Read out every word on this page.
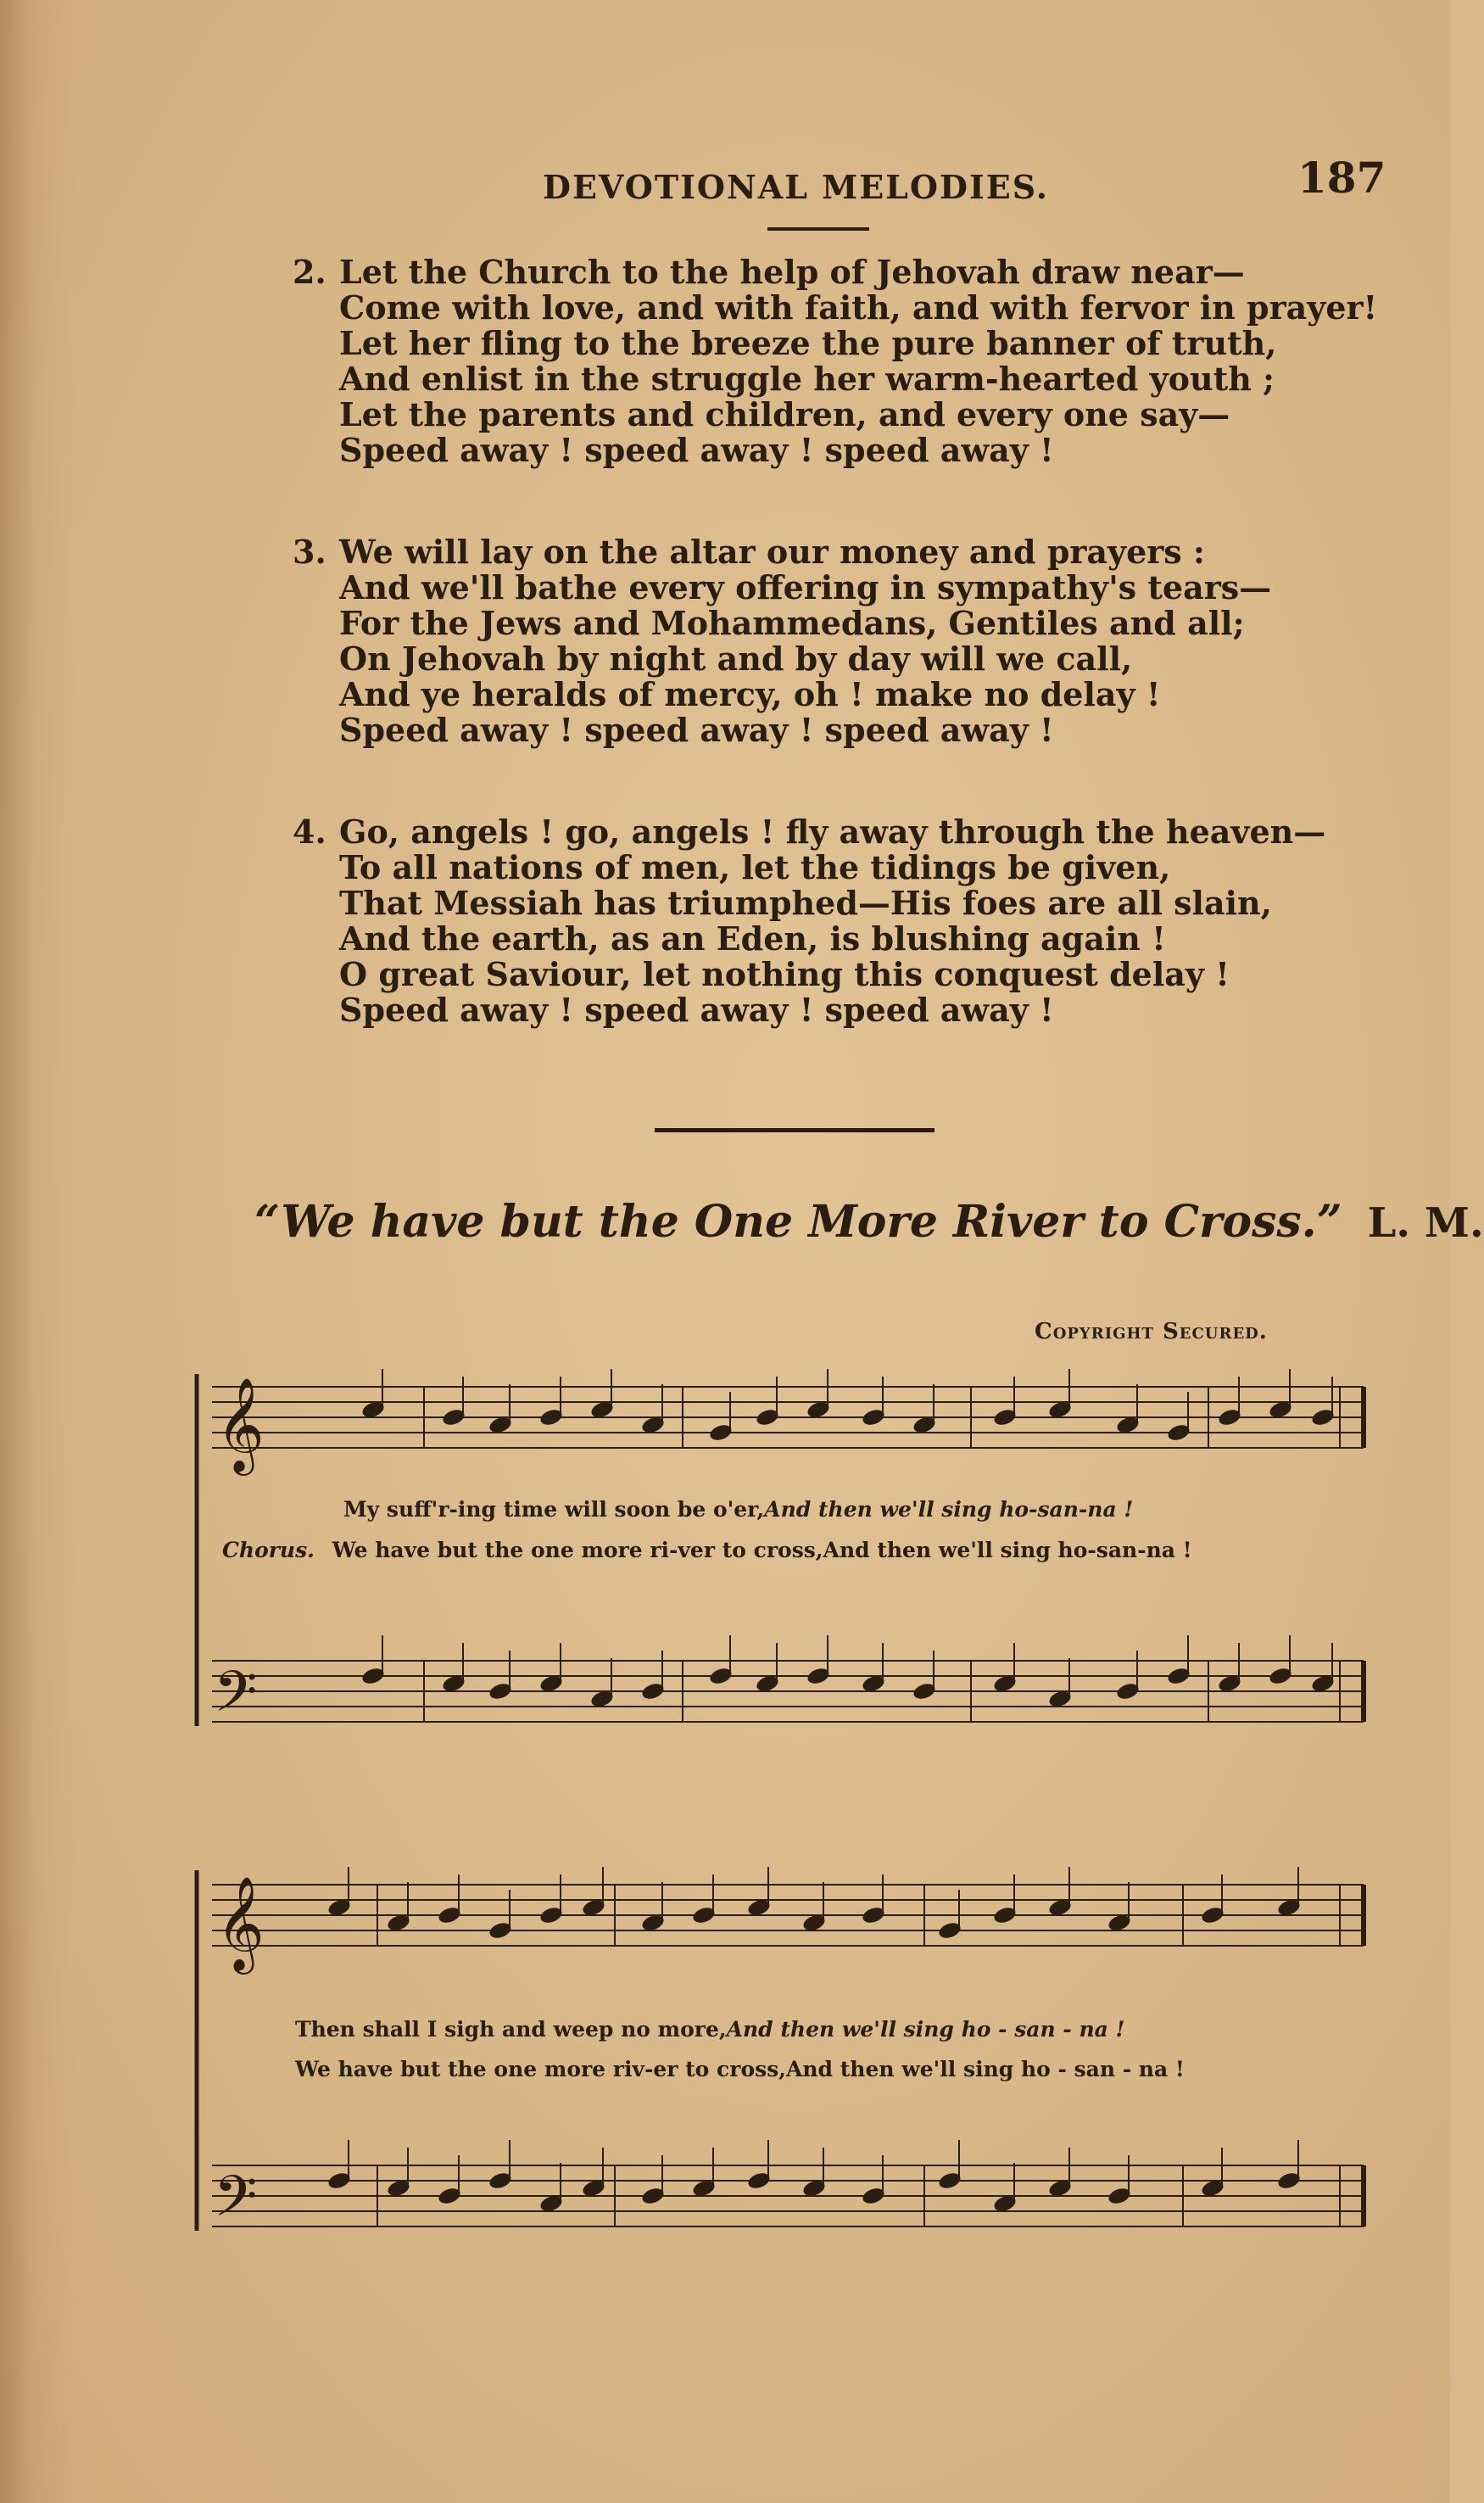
DEVOTIONAL MELODIES.	187
2. Let the Church to the help of Jehovah draw near—
Come with love, and with faith, and with fervor in prayer!
Let her fling to the breeze the pure banner of truth,
And enlist in the struggle her warm-hearted youth ;
Let the parents and children, and every one say—
Speed away ! speed away ! speed away !
3. We will lay on the altar our money and prayers :
And we'll bathe every offering in sympathy's tears—
For the Jews and Mohammedans, Gentiles and all;
On Jehovah by night and by day will we call,
And ye heralds of mercy, oh ! make no delay !
Speed away ! speed away ! speed away !
4. Go, angels ! go, angels ! fly away through the heaven—
To all nations of men, let the tidings be given,
That Messiah has triumphed—His foes are all slain,
And the earth, as an Eden, is blushing again !
O great Saviour, let nothing this conquest delay !
Speed away ! speed away ! speed away !
“We have but the One More River to Cross.” L. M.
Copyright Secured.
𝄞
𝄢
𝄞
𝄢
My suff'r-ing time will soon be o'er,And then we'll sing ho-san-na !
Chorus. We have but the one more ri-ver to cross,And then we'll sing ho-san-na !
Then shall I sigh and weep no more,And then we'll sing ho - san - na !
We have but the one more riv-er to cross,And then we'll sing ho - san - na !
